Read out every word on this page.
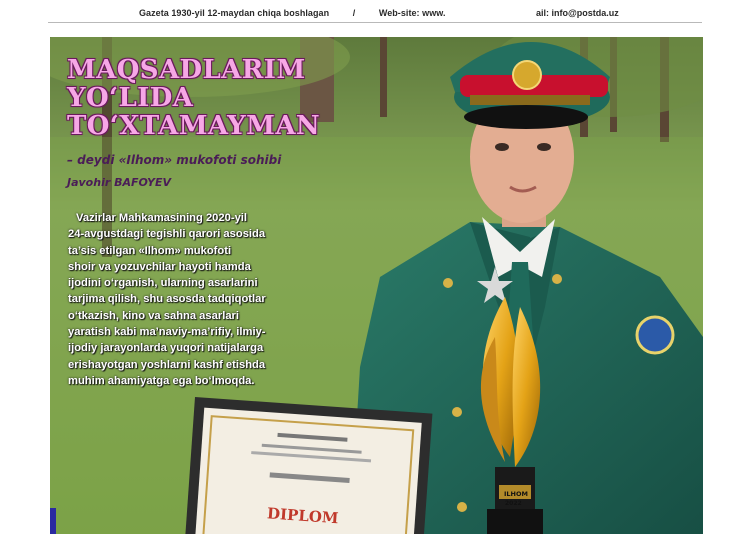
Gazeta 1930-yil 12-maydan chiqa boshlagan	/	Web-site: www.	ail: info@postda.uz
DIPLOM
ILHOM
2022
MAQSADLARIM
YO‘LIDA
TO‘XTAMAYMAN
– deydi «Ilhom» mukofoti sohibi
Javohir BAFOYEV
Vazirlar Mahkamasining 2020-yil
24-avgustdagi tegishli qarori asosida
ta’sis etilgan «Ilhom» mukofoti
shoir va yozuvchilar hayoti hamda
ijodini o‘rganish, ularning asarlarini
tarjima qilish, shu asosda tadqiqotlar
o‘tkazish, kino va sahna asarlari
yaratish kabi ma’naviy-ma’rifiy, ilmiy-
ijodiy jarayonlarda yuqori natijalarga
erishayotgan yoshlarni kashf etishda
muhim ahamiyatga ega bo‘lmoqda.
